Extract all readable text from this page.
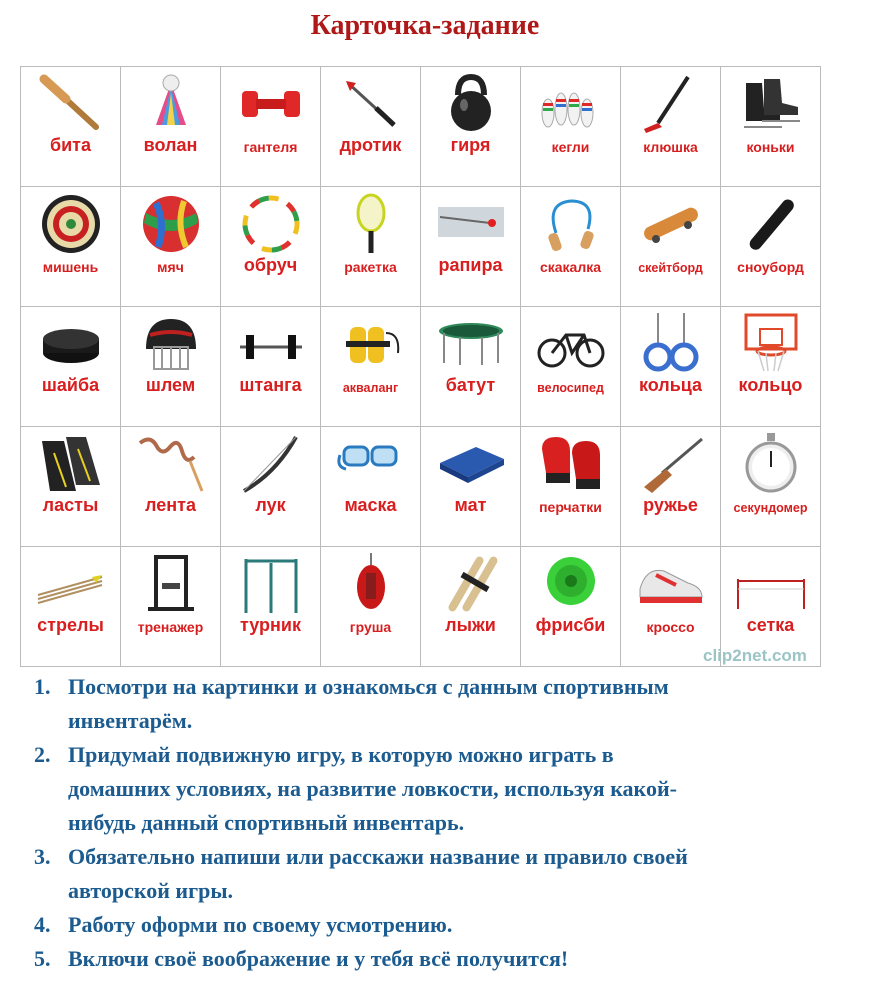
Карточка-задание
бита	волан	гантеля	дротик	гиря	кегли	клюшка	коньки
мишень	мяч	обруч	ракетка	рапира	скакалка	скейтборд	сноуборд
шайба	шлем	штанга	акваланг	батут	велосипед	кольца	кольцо
ласты	лента	лук	маска	мат	перчатки	ружье	секундомер
стрелы	тренажер	турник	груша	лыжи	фрисби	кроссо	сетка
clip2net.com
1. Посмотри на картинки и ознакомься с данным спортивным
инвентарём.
2. Придумай подвижную игру, в которую можно играть в
домашних условиях, на развитие ловкости, используя какой-
нибудь данный спортивный инвентарь.
3. Обязательно напиши или расскажи название и правило своей
авторской игры.
4. Работу оформи по своему усмотрению.
5. Включи своё воображение и у тебя всё получится!
